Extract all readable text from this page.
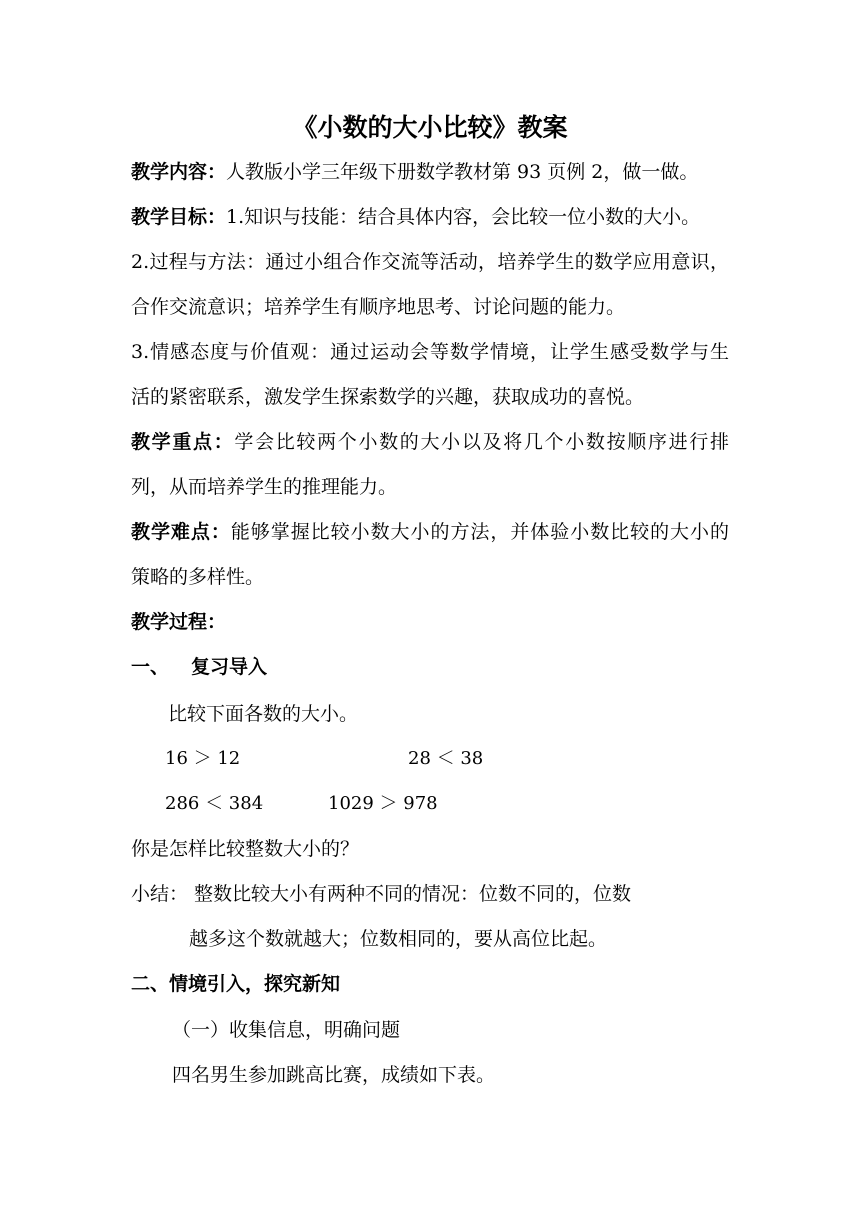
《小数的大小比较》教案
教学内容：人教版小学三年级下册数学教材第 93 页例 2，做一做。
教学目标：1.知识与技能：结合具体内容，会比较一位小数的大小。
2.过程与方法：通过小组合作交流等活动，培养学生的数学应用意识，
合作交流意识；培养学生有顺序地思考、讨论问题的能力。
3.情感态度与价值观：通过运动会等数学情境，让学生感受数学与生
活的紧密联系，激发学生探索数学的兴趣，获取成功的喜悦。
教学重点：学会比较两个小数的大小以及将几个小数按顺序进行排
列，从而培养学生的推理能力。
教学难点：能够掌握比较小数大小的方法，并体验小数比较的大小的
策略的多样性。
教学过程：
一、 复习导入
比较下面各数的大小。
16 ＞ 12	28 ＜ 38
286 ＜ 384	1029 ＞ 978
你是怎样比较整数大小的？
小结： 整数比较大小有两种不同的情况：位数不同的，位数
越多这个数就越大；位数相同的，要从高位比起。
二、情境引入，探究新知
（一）收集信息，明确问题
四名男生参加跳高比赛，成绩如下表。
